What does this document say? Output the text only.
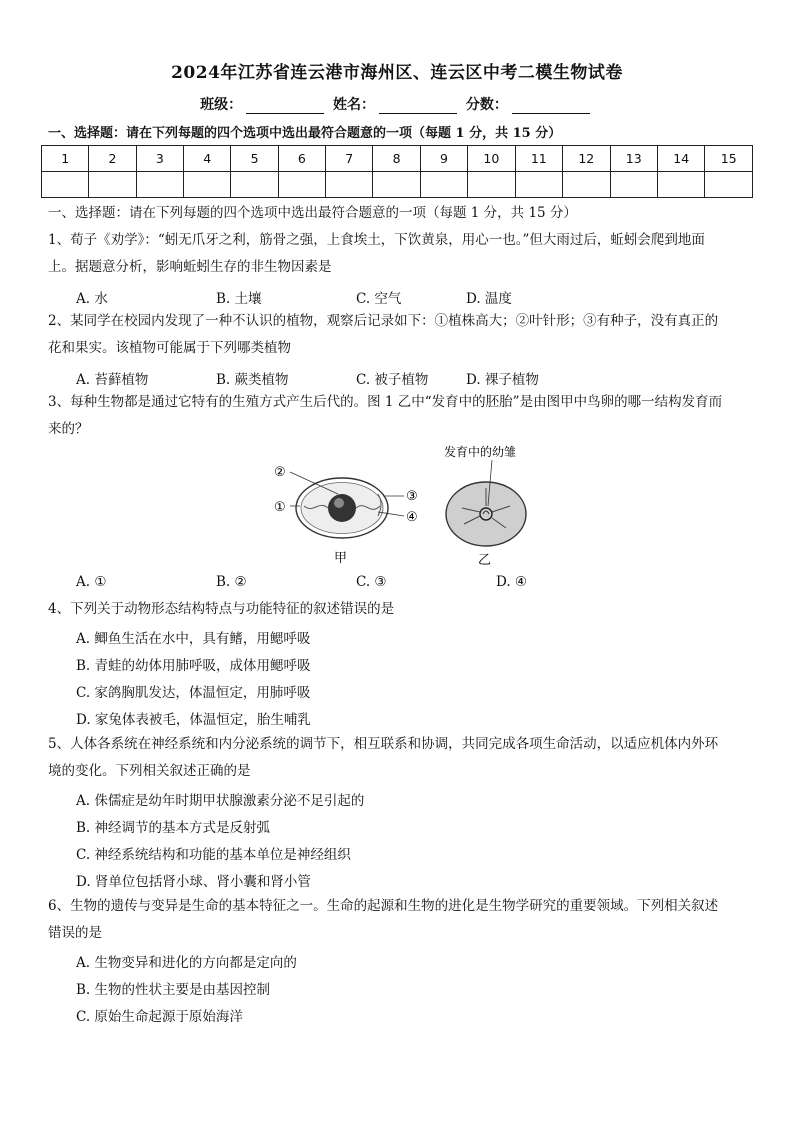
2024年江苏省连云港市海州区、连云区中考二模生物试卷
班级：	姓名：	分数：
一、选择题：请在下列每题的四个选项中选出最符合题意的一项（每题 1 分，共 15 分）
1	2	3	4	5	6	7	8	9	10	11	12	13	14	15

一、选择题：请在下列每题的四个选项中选出最符合题意的一项（每题 1 分，共 15 分）
1、荀子《劝学》：“蚓无爪牙之利，筋骨之强，上食埃土，下饮黄泉，用心一也。”但大雨过后，蚯蚓会爬到地面
上。据题意分析，影响蚯蚓生存的非生物因素是
A. 水	B. 土壤	C. 空气	D. 温度
2、某同学在校园内发现了一种不认识的植物，观察后记录如下：①植株高大；②叶针形；③有种子，没有真正的
花和果实。该植物可能属于下列哪类植物
A. 苔藓植物	B. 蕨类植物	C. 被子植物	D. 裸子植物
3、每种生物都是通过它特有的生殖方式产生后代的。图 1 乙中“发育中的胚胎”是由图甲中鸟卵的哪一结构发育而
来的？
②
①
③
④
甲
发育中的幼雏
乙
A. ①	B. ②	C. ③	D. ④
4、下列关于动物形态结构特点与功能特征的叙述错误的是
A. 鲫鱼生活在水中，具有鳍，用鳃呼吸
B. 青蛙的幼体用肺呼吸，成体用鳃呼吸
C. 家鸽胸肌发达，体温恒定，用肺呼吸
D. 家兔体表被毛，体温恒定，胎生哺乳
5、人体各系统在神经系统和内分泌系统的调节下，相互联系和协调，共同完成各项生命活动，以适应机体内外环
境的变化。下列相关叙述正确的是
A. 侏儒症是幼年时期甲状腺激素分泌不足引起的
B. 神经调节的基本方式是反射弧
C. 神经系统结构和功能的基本单位是神经组织
D. 肾单位包括肾小球、肾小囊和肾小管
6、生物的遗传与变异是生命的基本特征之一。生命的起源和生物的进化是生物学研究的重要领域。下列相关叙述
错误的是
A. 生物变异和进化的方向都是定向的
B. 生物的性状主要是由基因控制
C. 原始生命起源于原始海洋
